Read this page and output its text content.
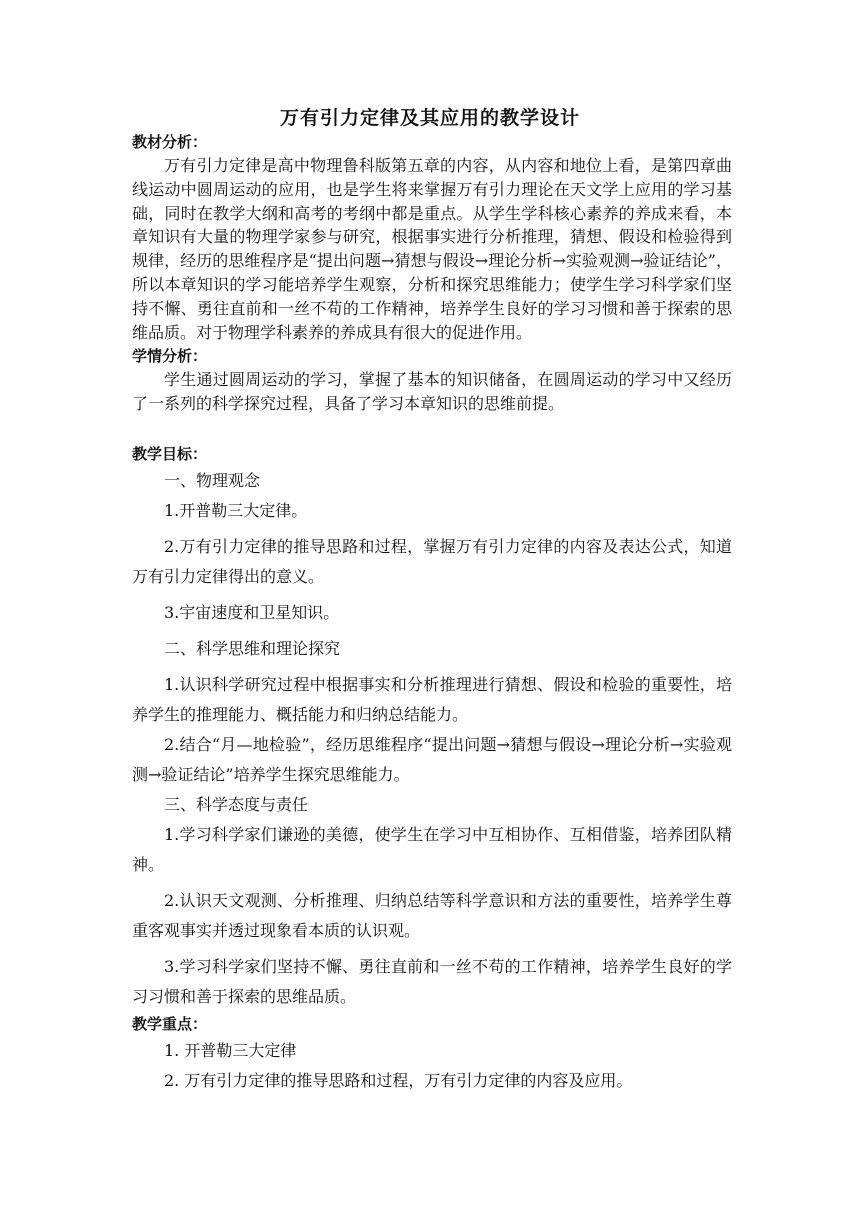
万有引力定律及其应用的教学设计
教材分析：

万有引力定律是高中物理鲁科版第五章的内容，从内容和地位上看，是第四章曲线运动中圆周运动的应用，也是学生将来掌握万有引力理论在天文学上应用的学习基础，同时在教学大纲和高考的考纲中都是重点。从学生学科核心素养的养成来看，本章知识有大量的物理学家参与研究，根据事实进行分析推理，猜想、假设和检验得到规律，经历的思维程序是“提出问题→猜想与假设→理论分析→实验观测→验证结论”，所以本章知识的学习能培养学生观察，分析和探究思维能力；使学生学习科学家们坚持不懈、勇往直前和一丝不苟的工作精神，培养学生良好的学习习惯和善于探索的思维品质。对于物理学科素养的养成具有很大的促进作用。

学情分析：

学生通过圆周运动的学习，掌握了基本的知识储备，在圆周运动的学习中又经历了一系列的科学探究过程，具备了学习本章知识的思维前提。

教学目标：

一、物理观念

1.开普勒三大定律。

2.万有引力定律的推导思路和过程，掌握万有引力定律的内容及表达公式，知道万有引力定律得出的意义。

3.宇宙速度和卫星知识。

二、科学思维和理论探究

1.认识科学研究过程中根据事实和分析推理进行猜想、假设和检验的重要性，培养学生的推理能力、概括能力和归纳总结能力。

2.结合“月—地检验”，经历思维程序“提出问题→猜想与假设→理论分析→实验观测→验证结论”培养学生探究思维能力。

三、科学态度与责任

1.学习科学家们谦逊的美德，使学生在学习中互相协作、互相借鉴，培养团队精神。

2.认识天文观测、分析推理、归纳总结等科学意识和方法的重要性，培养学生尊重客观事实并透过现象看本质的认识观。

3.学习科学家们坚持不懈、勇往直前和一丝不苟的工作精神，培养学生良好的学习习惯和善于探索的思维品质。

教学重点：

1. 开普勒三大定律

2. 万有引力定律的推导思路和过程，万有引力定律的内容及应用。
